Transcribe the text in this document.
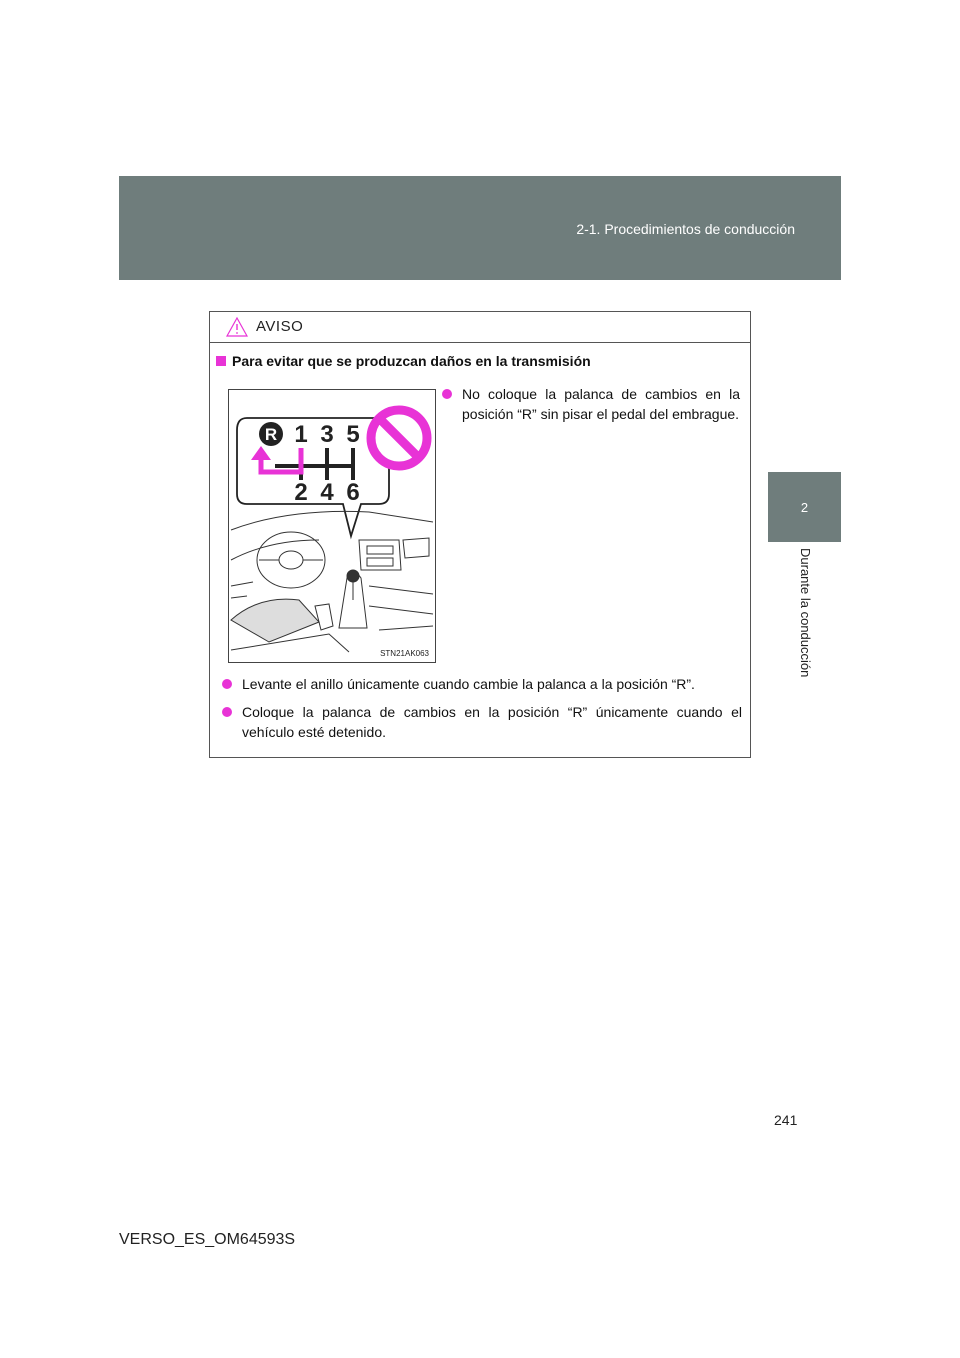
2-1. Procedimientos de conducción
2
Durante la conducción
AVISO
Para evitar que se produzcan daños en la transmisión
R 1 3 5
2 4 6
STN21AK063
No coloque la palanca de cambios en la posición “R” sin pisar el pedal del embrague.
Levante el anillo únicamente cuando cambie la palanca a la posición “R”.
Coloque la palanca de cambios en la posición “R” únicamente cuando el vehículo esté detenido.
241
VERSO_ES_OM64593S
